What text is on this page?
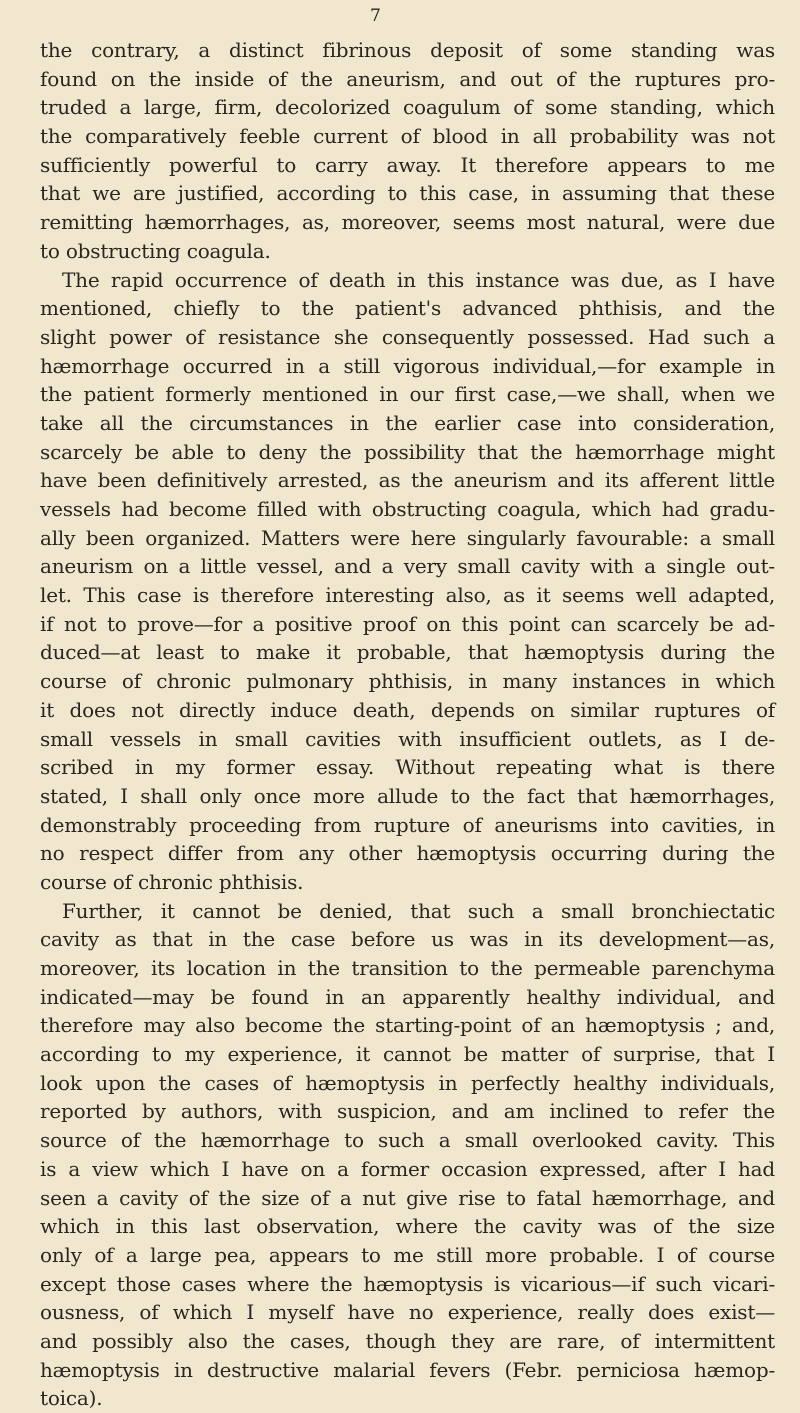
7
the contrary, a distinct fibrinous deposit of some standing was
found on the inside of the aneurism, and out of the ruptures pro-
truded a large, firm, decolorized coagulum of some standing, which
the comparatively feeble current of blood in all probability was not
sufficiently powerful to carry away. It therefore appears to me
that we are justified, according to this case, in assuming that these
remitting hæmorrhages, as, moreover, seems most natural, were due
to obstructing coagula.
The rapid occurrence of death in this instance was due, as I have
mentioned, chiefly to the patient's advanced phthisis, and the
slight power of resistance she consequently possessed. Had such a
hæmorrhage occurred in a still vigorous individual,—for example in
the patient formerly mentioned in our first case,—we shall, when we
take all the circumstances in the earlier case into consideration,
scarcely be able to deny the possibility that the hæmorrhage might
have been definitively arrested, as the aneurism and its afferent little
vessels had become filled with obstructing coagula, which had gradu-
ally been organized. Matters were here singularly favourable: a small
aneurism on a little vessel, and a very small cavity with a single out-
let. This case is therefore interesting also, as it seems well adapted,
if not to prove—for a positive proof on this point can scarcely be ad-
duced—at least to make it probable, that hæmoptysis during the
course of chronic pulmonary phthisis, in many instances in which
it does not directly induce death, depends on similar ruptures of
small vessels in small cavities with insufficient outlets, as I de-
scribed in my former essay. Without repeating what is there
stated, I shall only once more allude to the fact that hæmorrhages,
demonstrably proceeding from rupture of aneurisms into cavities, in
no respect differ from any other hæmoptysis occurring during the
course of chronic phthisis.
Further, it cannot be denied, that such a small bronchiectatic
cavity as that in the case before us was in its development—as,
moreover, its location in the transition to the permeable parenchyma
indicated—may be found in an apparently healthy individual, and
therefore may also become the starting-point of an hæmoptysis ; and,
according to my experience, it cannot be matter of surprise, that I
look upon the cases of hæmoptysis in perfectly healthy individuals,
reported by authors, with suspicion, and am inclined to refer the
source of the hæmorrhage to such a small overlooked cavity. This
is a view which I have on a former occasion expressed, after I had
seen a cavity of the size of a nut give rise to fatal hæmorrhage, and
which in this last observation, where the cavity was of the size
only of a large pea, appears to me still more probable. I of course
except those cases where the hæmoptysis is vicarious—if such vicari-
ousness, of which I myself have no experience, really does exist—
and possibly also the cases, though they are rare, of intermittent
hæmoptysis in destructive malarial fevers (Febr. perniciosa hæmop-
toica).
